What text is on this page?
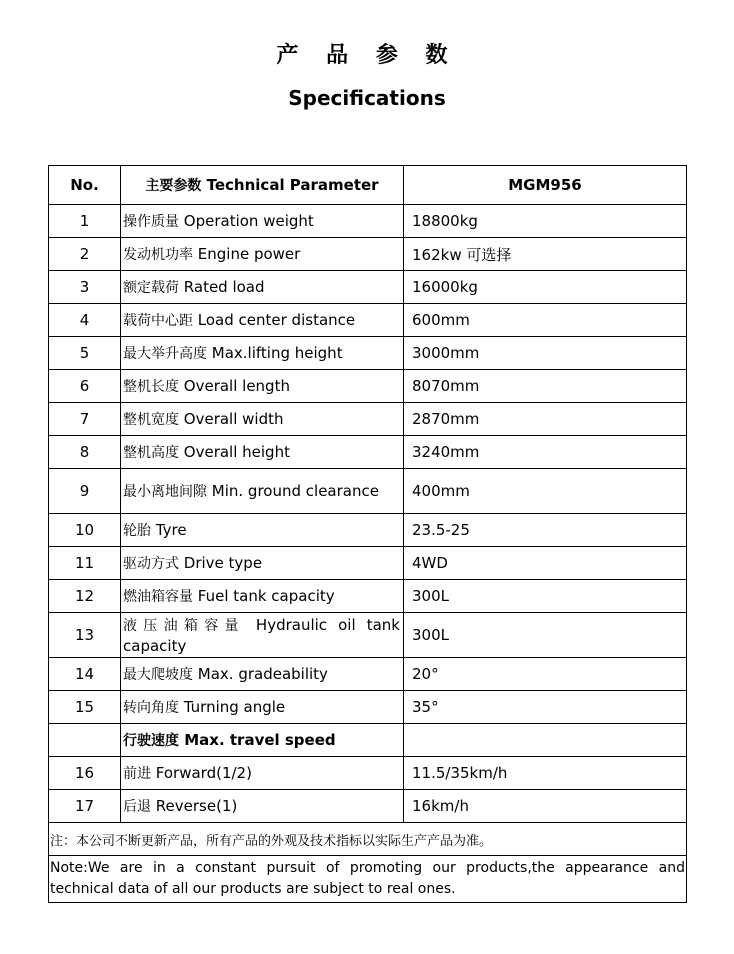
产 品 参 数
Specifications
No.	主要参数 Technical Parameter	MGM956
1	操作质量 Operation weight	18800kg
2	发动机功率 Engine power	162kw 可选择
3	额定载荷 Rated load	16000kg
4	载荷中心距 Load center distance	600mm
5	最大举升高度 Max.lifting height	3000mm
6	整机长度 Overall length	8070mm
7	整机宽度 Overall width	2870mm
8	整机高度 Overall height	3240mm
9	最小离地间隙 Min. ground clearance	400mm
10	轮胎 Tyre	23.5-25
11	驱动方式 Drive type	4WD
12	燃油箱容量 Fuel tank capacity	300L
13	液压油箱容量 Hydraulic oil tank capacity	300L
14	最大爬坡度 Max. gradeability	20°
15	转向角度 Turning angle	35°
	行驶速度 Max. travel speed	
16	前进 Forward(1/2)	11.5/35km/h
17	后退 Reverse(1)	16km/h
注：本公司不断更新产品，所有产品的外观及技术指标以实际生产产品为准。		
Note:We are in a constant pursuit of promoting our products,the appearance and technical data of all our products are subject to real ones.		
